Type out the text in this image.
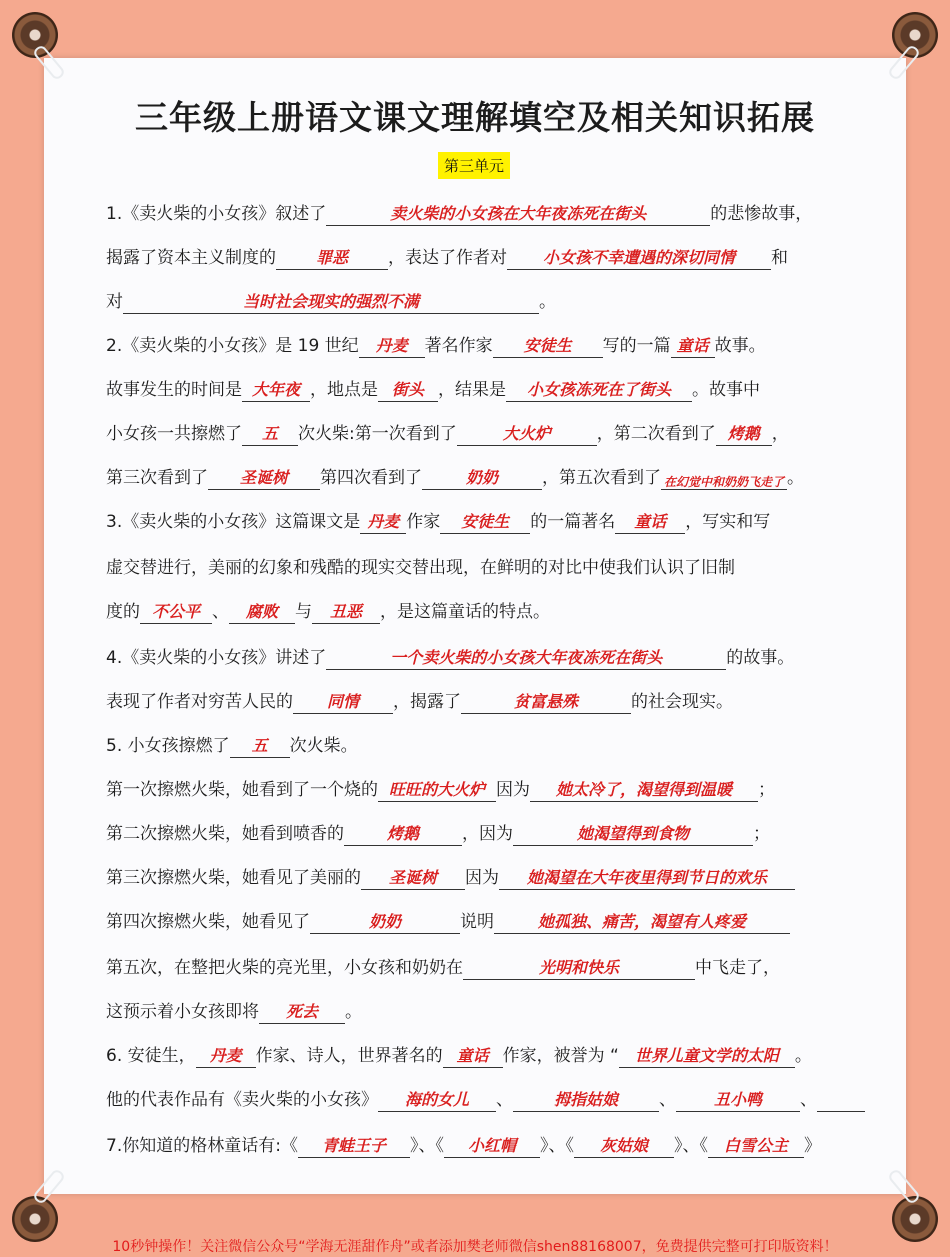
三年级上册语文课文理解填空及相关知识拓展
第三单元
1.《卖火柴的小女孩》叙述了	卖火柴的小女孩在大年夜冻死在街头	的悲惨故事，
揭露了资本主义制度的 罪恶 ，表达了作者对 小女孩不幸遭遇的深切同情 和
对	当时社会现实的强烈不满	。
2.《卖火柴的小女孩》是 19 世纪 丹麦 著名作家 安徒生 写的一篇 童话 故事。
故事发生的时间是 大年夜 ，地点是 街头 ，结果是 小女孩冻死在了街头 。故事中
小女孩一共擦燃了 五 次火柴:第一次看到了	大火炉	，第二次看到了 烤鹅 ，
第三次看到了 圣诞树 第四次看到了	奶奶	，第五次看到了 在幻觉中和奶奶飞走了 。
3.《卖火柴的小女孩》这篇课文是 丹麦 作家 安徒生 的一篇著名 童话 ，写实和写
虚交替进行，美丽的幻象和残酷的现实交替出现，在鲜明的对比中使我们认识了旧制
度的 不公平 、 腐败 与 丑恶 ，是这篇童话的特点。
4.《卖火柴的小女孩》讲述了	一个卖火柴的小女孩大年夜冻死在街头	的故事。
表现了作者对穷苦人民的 同情 ，揭露了	贫富悬殊	的社会现实。
5. 小女孩擦燃了 五 次火柴。
第一次擦燃火柴，她看到了一个烧的 旺旺的大火炉 因为 她太冷了，渴望得到温暖 ；
第二次擦燃火柴，她看到喷香的	烤鹅	，因为	她渴望得到食物	；
第三次擦燃火柴，她看见了美丽的 圣诞树 因为 她渴望在大年夜里得到节日的欢乐
第四次擦燃火柴，她看见了	奶奶	说明	她孤独、痛苦，渴望有人疼爱
第五次，在整把火柴的亮光里，小女孩和奶奶在	光明和快乐	中飞走了，
这预示着小女孩即将 死去 。
6. 安徒生， 丹麦 作家、诗人，世界著名的 童话 作家，被誉为 “ 世界儿童文学的太阳 。
他的代表作品有《卖火柴的小女孩》 海的女儿 、	拇指姑娘 、 丑小鸭 、
7.你知道的格林童话有:《 青蛙王子 》、《 小红帽 》、《 灰姑娘 》、《 白雪公主 》
10秒钟操作！关注微信公众号“学海无涯甜作舟”或者添加樊老师微信shen88168007，免费提供完整可打印版资料！
